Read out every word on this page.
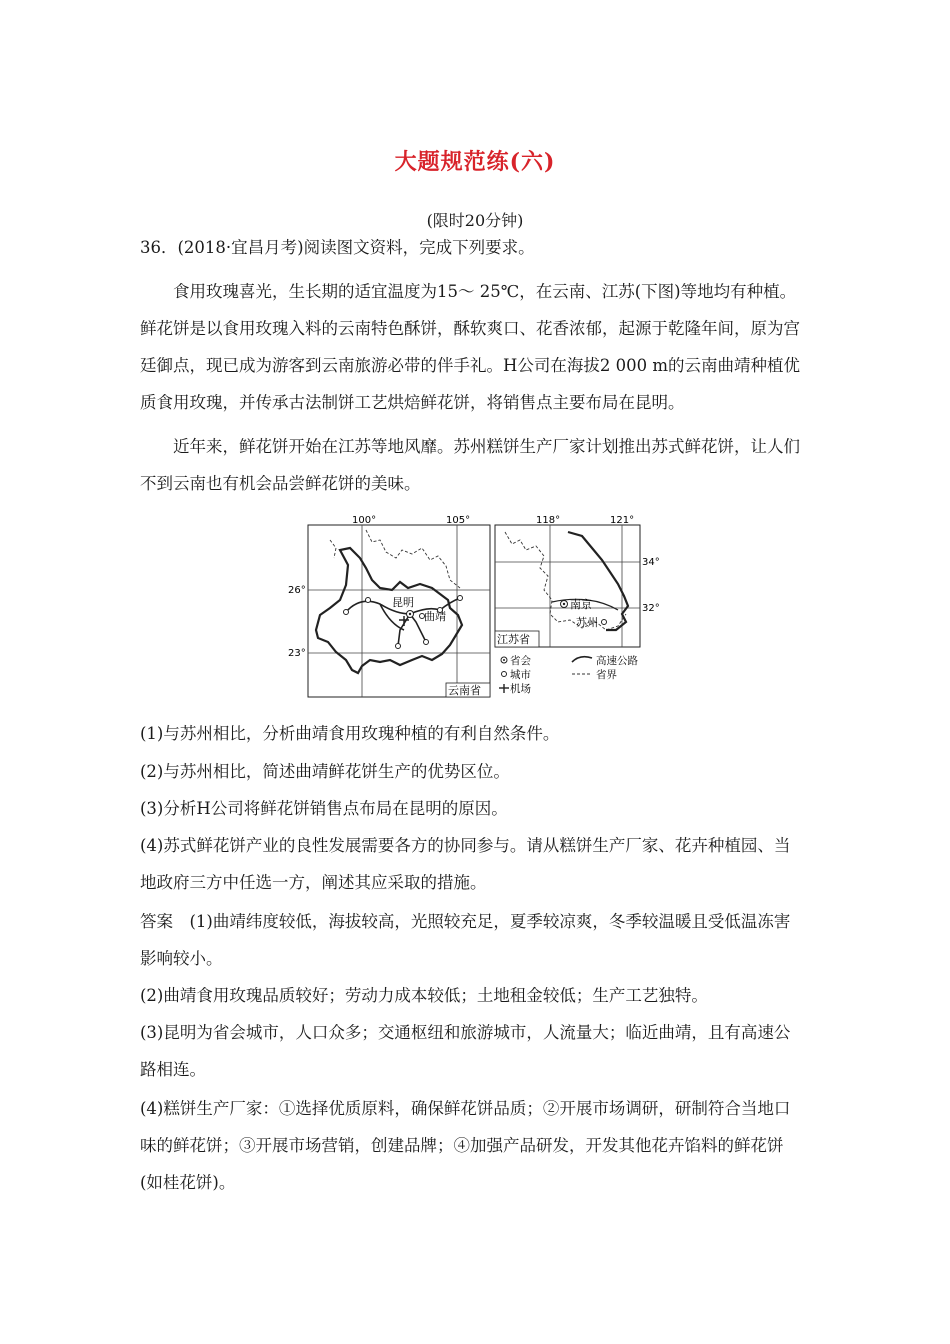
大题规范练(六)
(限时20分钟)
36．(2018·宜昌月考)阅读图文资料，完成下列要求。
食用玫瑰喜光，生长期的适宜温度为15～ 25℃，在云南、江苏(下图)等地均有种植。
鲜花饼是以食用玫瑰入料的云南特色酥饼，酥软爽口、花香浓郁，起源于乾隆年间，原为宫
廷御点，现已成为游客到云南旅游必带的伴手礼。H公司在海拔2 000 m的云南曲靖种植优
质食用玫瑰，并传承古法制饼工艺烘焙鲜花饼，将销售点主要布局在昆明。
近年来，鲜花饼开始在江苏等地风靡。苏州糕饼生产厂家计划推出苏式鲜花饼，让人们
不到云南也有机会品尝鲜花饼的美味。
100°	105°
26°
23°
昆明
曲靖
云南省
118°	121°
34°
32°
南京
苏州
江苏省
省会
城市
机场
高速公路
省界
(1)与苏州相比，分析曲靖食用玫瑰种植的有利自然条件。
(2)与苏州相比，简述曲靖鲜花饼生产的优势区位。
(3)分析H公司将鲜花饼销售点布局在昆明的原因。
(4)苏式鲜花饼产业的良性发展需要各方的协同参与。请从糕饼生产厂家、花卉种植园、当
地政府三方中任选一方，阐述其应采取的措施。
答案　(1)曲靖纬度较低，海拔较高，光照较充足，夏季较凉爽，冬季较温暖且受低温冻害
影响较小。
(2)曲靖食用玫瑰品质较好；劳动力成本较低；土地租金较低；生产工艺独特。
(3)昆明为省会城市，人口众多；交通枢纽和旅游城市，人流量大；临近曲靖，且有高速公
路相连。
(4)糕饼生产厂家：①选择优质原料，确保鲜花饼品质；②开展市场调研，研制符合当地口
味的鲜花饼；③开展市场营销，创建品牌；④加强产品研发，开发其他花卉馅料的鲜花饼
(如桂花饼)。
